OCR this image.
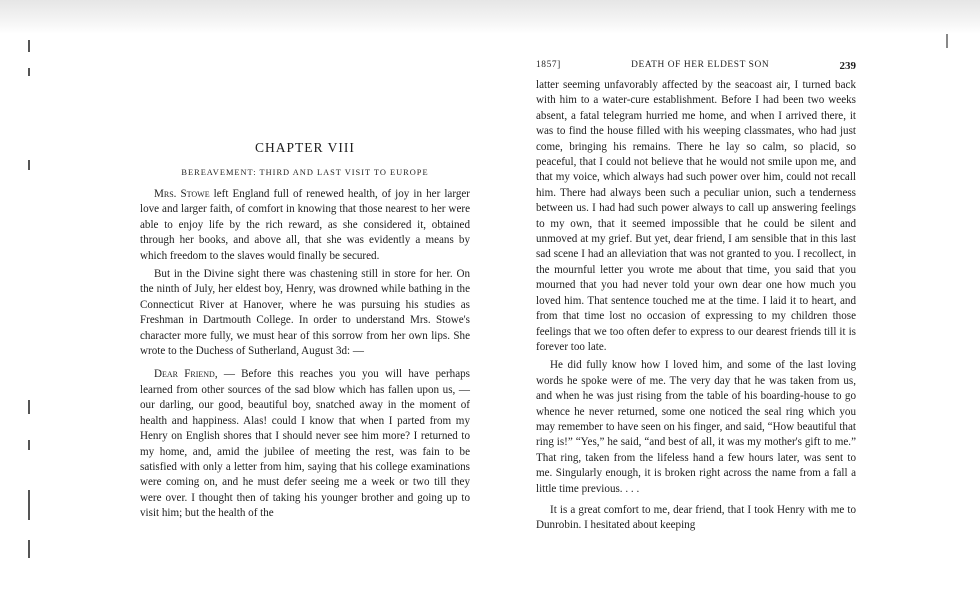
CHAPTER VIII
BEREAVEMENT: THIRD AND LAST VISIT TO EUROPE

Mrs. Stowe left England full of renewed health, of joy in her larger love and larger faith, of comfort in knowing that those nearest to her were able to enjoy life by the rich reward, as she considered it, obtained through her books, and above all, that she was evidently a means by which freedom to the slaves would finally be secured.

But in the Divine sight there was chastening still in store for her. On the ninth of July, her eldest boy, Henry, was drowned while bathing in the Connecticut River at Hanover, where he was pursuing his studies as Freshman in Dartmouth College. In order to understand Mrs. Stowe's character more fully, we must hear of this sorrow from her own lips. She wrote to the Duchess of Sutherland, August 3d: —

Dear Friend, — Before this reaches you you will have perhaps learned from other sources of the sad blow which has fallen upon us, — our darling, our good, beautiful boy, snatched away in the moment of health and happiness. Alas! could I know that when I parted from my Henry on English shores that I should never see him more? I returned to my home, and, amid the jubilee of meeting the rest, was fain to be satisfied with only a letter from him, saying that his college examinations were coming on, and he must defer seeing me a week or two till they were over. I thought then of taking his younger brother and going up to visit him; but the health of the

1857]	DEATH OF HER ELDEST SON	239

latter seeming unfavorably affected by the seacoast air, I turned back with him to a water-cure establishment. Before I had been two weeks absent, a fatal telegram hurried me home, and when I arrived there, it was to find the house filled with his weeping classmates, who had just come, bringing his remains. There he lay so calm, so placid, so peaceful, that I could not believe that he would not smile upon me, and that my voice, which always had such power over him, could not recall him. There had always been such a peculiar union, such a tenderness between us. I had had such power always to call up answering feelings to my own, that it seemed impossible that he could be silent and unmoved at my grief. But yet, dear friend, I am sensible that in this last sad scene I had an alleviation that was not granted to you. I recollect, in the mournful letter you wrote me about that time, you said that you mourned that you had never told your own dear one how much you loved him. That sentence touched me at the time. I laid it to heart, and from that time lost no occasion of expressing to my children those feelings that we too often defer to express to our dearest friends till it is forever too late.

He did fully know how I loved him, and some of the last loving words he spoke were of me. The very day that he was taken from us, and when he was just rising from the table of his boarding-house to go whence he never returned, some one noticed the seal ring which you may remember to have seen on his finger, and said, “How beautiful that ring is!” “Yes,” he said, “and best of all, it was my mother's gift to me.” That ring, taken from the lifeless hand a few hours later, was sent to me. Singularly enough, it is broken right across the name from a fall a little time previous. . . .

It is a great comfort to me, dear friend, that I took Henry with me to Dunrobin. I hesitated about keeping
